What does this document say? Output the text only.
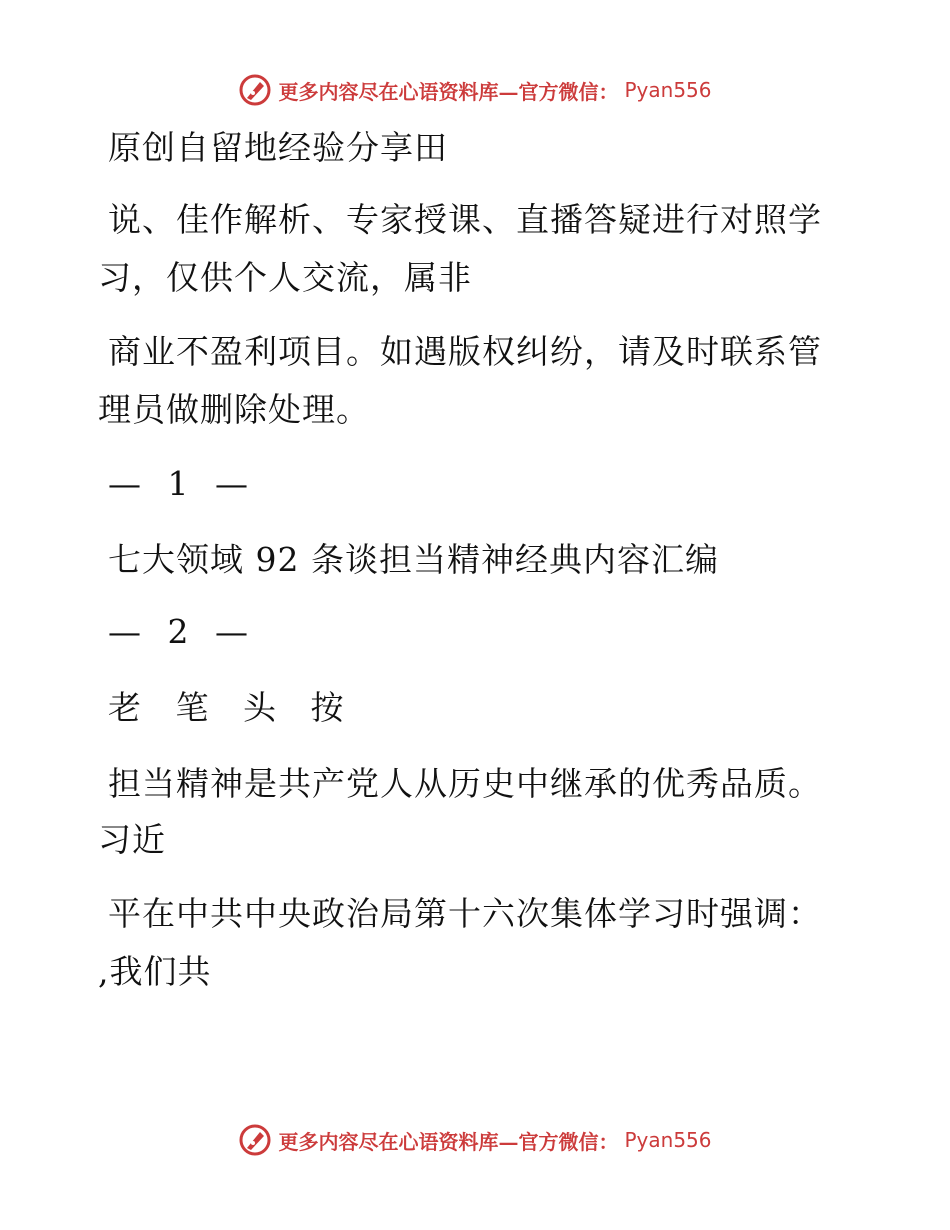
更多内容尽在心语资料库—官方微信： Pyan556
原创自留地经验分享田
说、佳作解析、专家授课、直播答疑进行对照学
习，仅供个人交流，属非
商业不盈利项目。如遇版权纠纷，请及时联系管
理员做删除处理。
— 1 —
七大领域 92 条谈担当精神经典内容汇编
— 2 —
老 笔 头 按
担当精神是共产党人从历史中继承的优秀品质。
习近
平在中共中央政治局第十六次集体学习时强调：
,我们共
更多内容尽在心语资料库—官方微信： Pyan556
